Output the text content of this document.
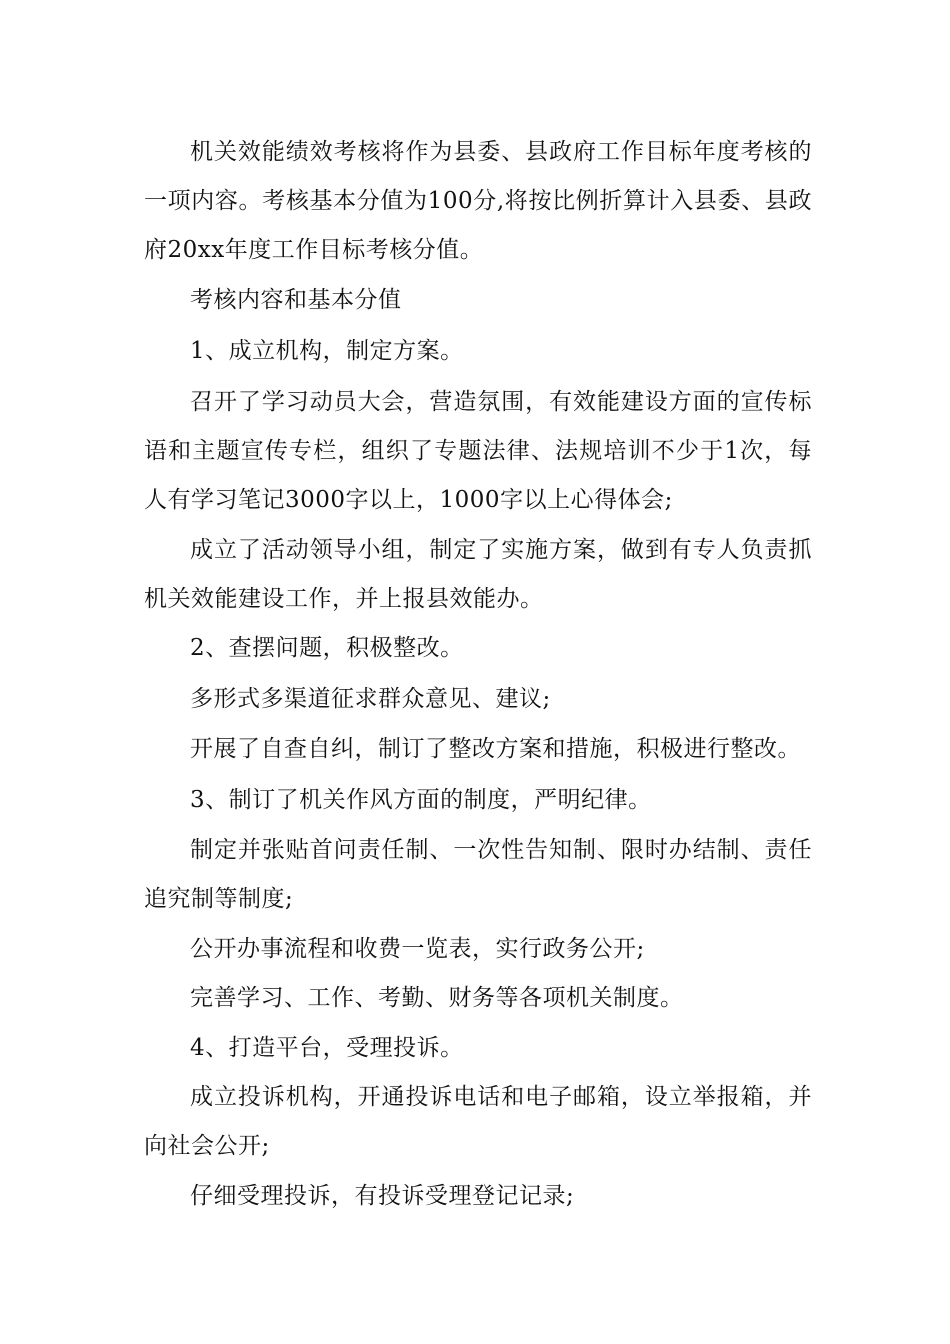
机关效能绩效考核将作为县委、县政府工作目标年度考核的一项内容。考核基本分值为100分,将按比例折算计入县委、县政府20xx年度工作目标考核分值。

考核内容和基本分值

1、成立机构，制定方案。

召开了学习动员大会，营造氛围，有效能建设方面的宣传标语和主题宣传专栏，组织了专题法律、法规培训不少于1次，每人有学习笔记3000字以上，1000字以上心得体会;

成立了活动领导小组，制定了实施方案，做到有专人负责抓机关效能建设工作，并上报县效能办。

2、查摆问题，积极整改。

多形式多渠道征求群众意见、建议;

开展了自查自纠，制订了整改方案和措施，积极进行整改。

3、制订了机关作风方面的制度，严明纪律。

制定并张贴首问责任制、一次性告知制、限时办结制、责任追究制等制度;

公开办事流程和收费一览表，实行政务公开;

完善学习、工作、考勤、财务等各项机关制度。

4、打造平台，受理投诉。

成立投诉机构，开通投诉电话和电子邮箱，设立举报箱，并向社会公开;

仔细受理投诉，有投诉受理登记记录;
